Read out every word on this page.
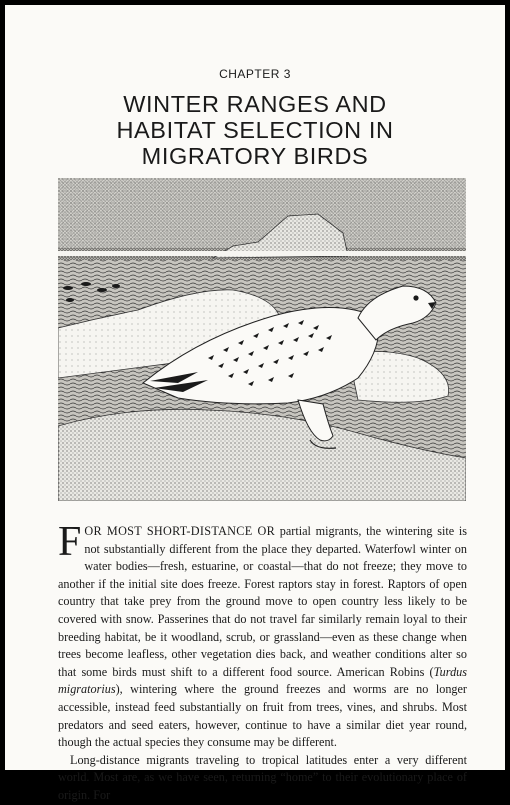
CHAPTER 3
WINTER RANGES AND
HABITAT SELECTION IN
MIGRATORY BIRDS

FOR MOST SHORT-DISTANCE OR partial migrants, the wintering site is not substantially different from the place they departed. Waterfowl winter on water bodies—fresh, estuarine, or coastal—that do not freeze; they move to another if the initial site does freeze. Forest raptors stay in forest. Raptors of open country that take prey from the ground move to open country less likely to be covered with snow. Passerines that do not travel far similarly remain loyal to their breeding habitat, be it woodland, scrub, or grassland—even as these change when trees become leafless, other vegetation dies back, and weather conditions alter so that some birds must shift to a different food source. American Robins (Turdus migratorius), wintering where the ground freezes and worms are no longer accessible, instead feed substantially on fruit from trees, vines, and shrubs. Most predators and seed eaters, however, continue to have a similar diet year round, though the actual species they consume may be different.

Long-distance migrants traveling to tropical latitudes enter a very different world. Most are, as we have seen, returning “home” to their evolutionary place of origin. For
